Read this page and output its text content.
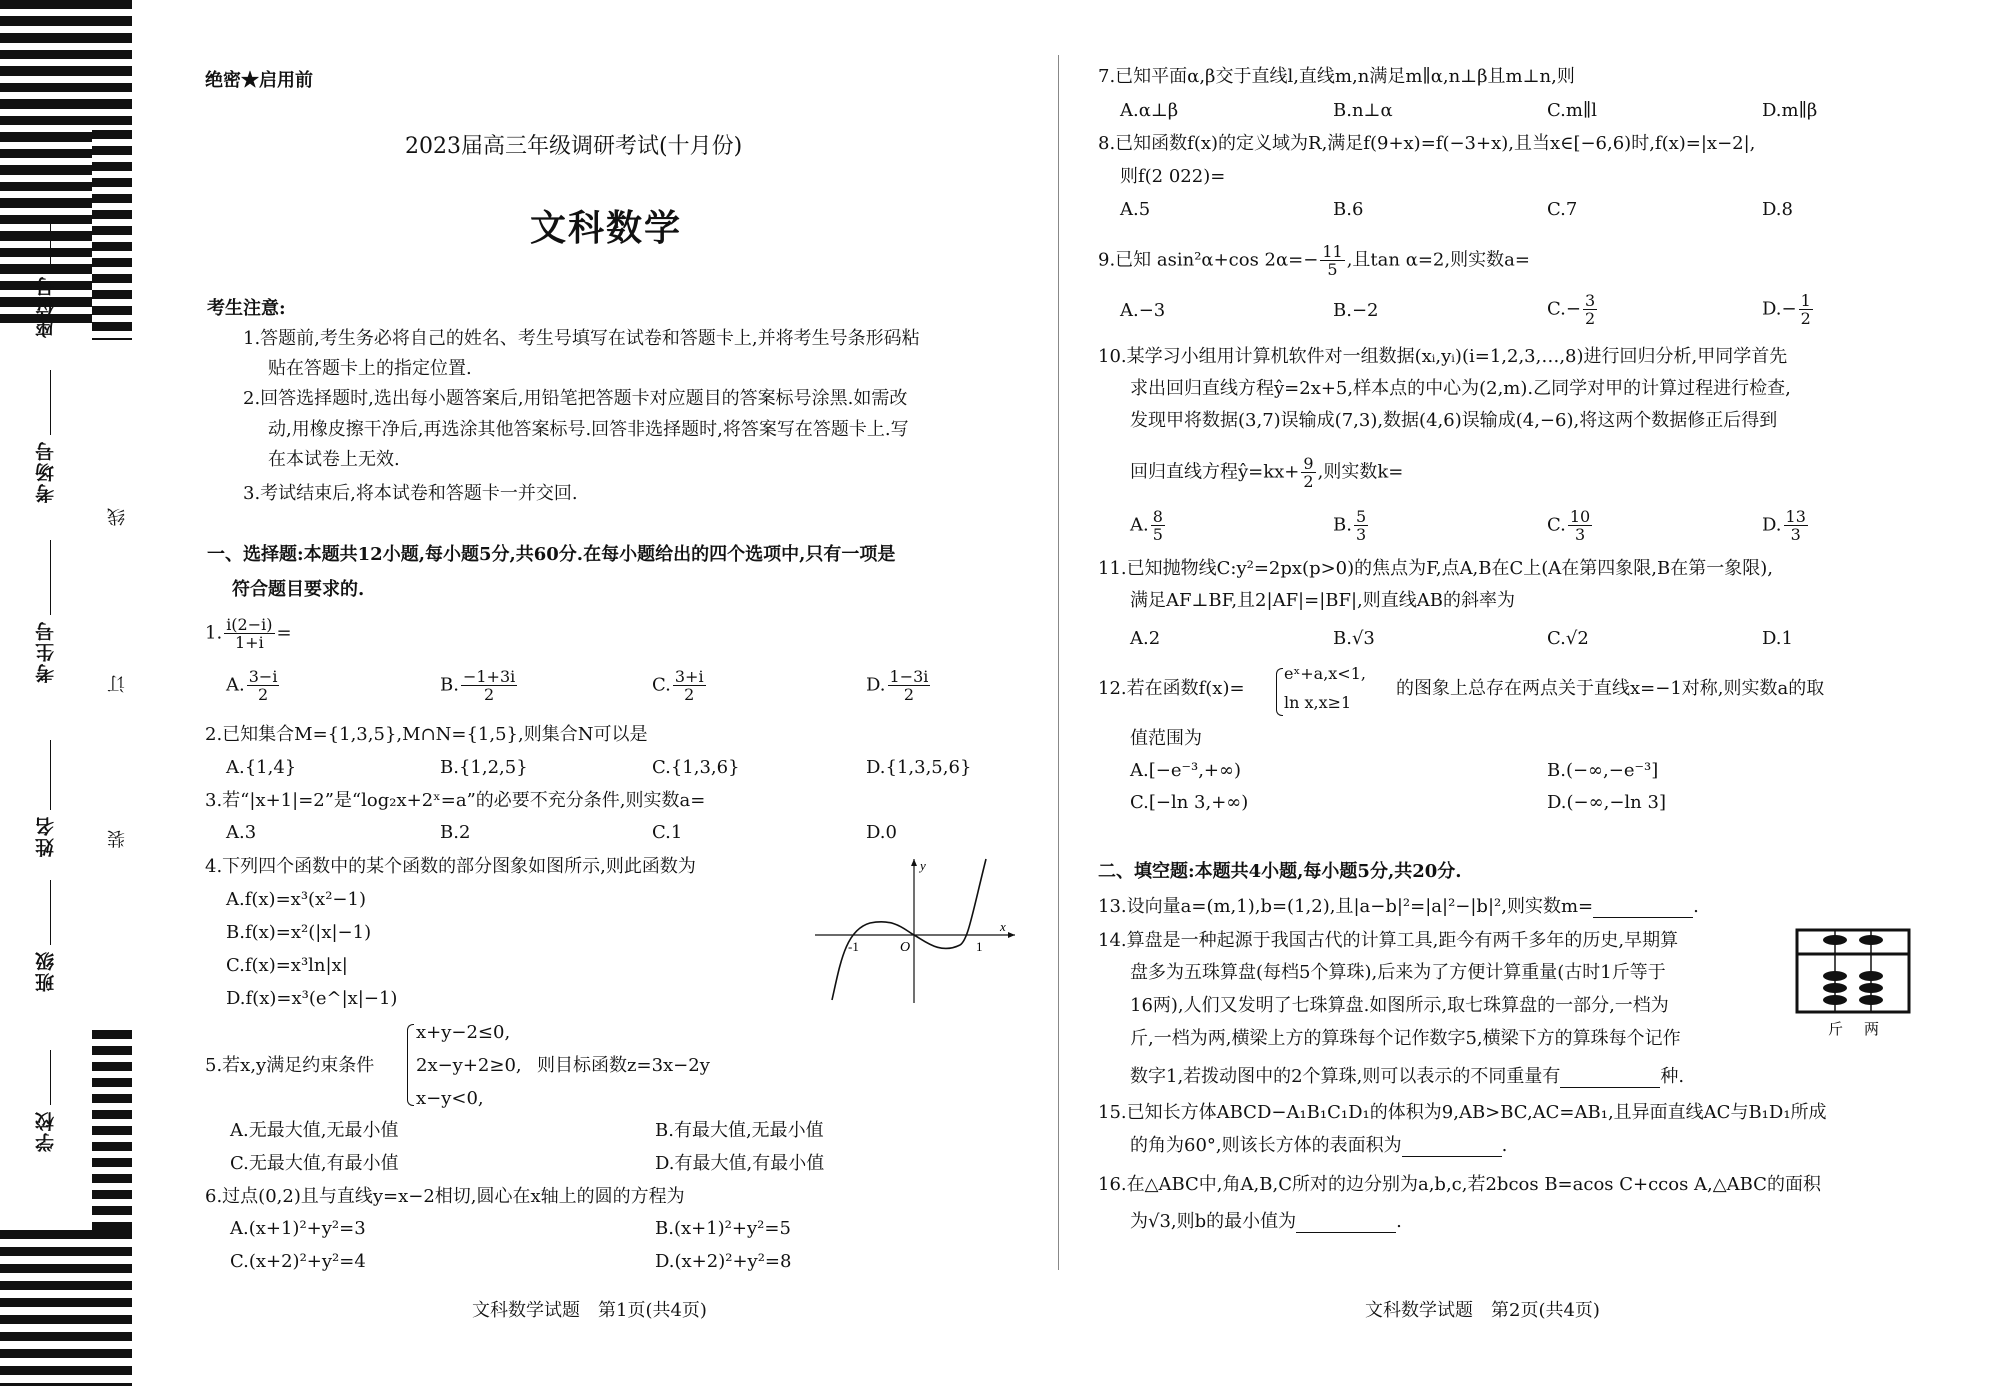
座位号
考场号
考生号
姓名
班级
学校
线
订
装
绝密★启用前
2023届高三年级调研考试(十月份)
文科数学
考生注意:
1.答题前,考生务必将自己的姓名、考生号填写在试卷和答题卡上,并将考生号条形码粘
贴在答题卡上的指定位置.
2.回答选择题时,选出每小题答案后,用铅笔把答题卡对应题目的答案标号涂黑.如需改
动,用橡皮擦干净后,再选涂其他答案标号.回答非选择题时,将答案写在答题卡上.写
在本试卷上无效.
3.考试结束后,将本试卷和答题卡一并交回.
一、选择题:本题共12小题,每小题5分,共60分.在每小题给出的四个选项中,只有一项是
符合题目要求的.
1. $\frac{i(2-i)}{1+i}$ =
A. $\frac{3-i}{2}$	B. $\frac{-1+3i}{2}$	C. $\frac{3+i}{2}$	D. $\frac{1-3i}{2}$
2.已知集合M={1,3,5},M∩N={1,5},则集合N可以是
A.{1,4}	B.{1,2,5}	C.{1,3,6}	D.{1,3,5,6}
3.若“|x+1|=2”是“log₂x+2ˣ=a”的必要不充分条件,则实数a=
A.3	B.2	C.1	D.0
4.下列四个函数中的某个函数的部分图象如图所示,则此函数为
A.f(x)=x³(x²−1)
B.f(x)=x²(|x|−1)
C.f(x)=x³ln|x|
D.f(x)=x³(e^|x|−1)
y
x
O
-1	1
5.若x,y满足约束条件
x+y−2≤0,
2x−y+2≥0,
x−y<0,
则目标函数z=3x−2y
A.无最大值,无最小值	B.有最大值,无最小值
C.无最大值,有最小值	D.有最大值,有最小值
6.过点(0,2)且与直线y=x−2相切,圆心在x轴上的圆的方程为
A.(x+1)²+y²=3	B.(x+1)²+y²=5
C.(x+2)²+y²=4	D.(x+2)²+y²=8
文科数学试题　第1页(共4页)
7.已知平面α,β交于直线l,直线m,n满足m∥α,n⊥β且m⊥n,则
A.α⊥β	B.n⊥α	C.m∥l	D.m∥β
8.已知函数f(x)的定义域为R,满足f(9+x)=f(−3+x),且当x∈[−6,6)时,f(x)=|x−2|,
则f(2 022)=
A.5	B.6	C.7	D.8
9.已知 asin²α+cos $2\alpha=- \frac{11}{5}$ ,且tan α=2,则实数a=
A.−3	B.−2	$C.- \frac{3}{2}$	$D.- \frac{1}{2}$
10.某学习小组用计算机软件对一组数据(xᵢ,yᵢ)(i=1,2,3,…,8)进行回归分析,甲同学首先
求出回归直线方程ŷ=2x+5,样本点的中心为(2,m).乙同学对甲的计算过程进行检查,
发现甲将数据(3,7)误输成(7,3),数据(4,6)误输成(4,−6),将这两个数据修正后得到
回归直线方程ŷ=kx+ $\frac{9}{2}$ ,则实数k=
A. $\frac{8}{5}$	B. $\frac{5}{3}$	C. $\frac{10}{3}$	D. $\frac{13}{3}$
11.已知抛物线C:y²=2px(p>0)的焦点为F,点A,B在C上(A在第四象限,B在第一象限),
满足AF⊥BF,且2|AF|=|BF|,则直线AB的斜率为
A.2	B.√3	C.√2	D.1
12.若在函数f(x)=
eˣ+a,x<1,
ln x,x≥1
的图象上总存在两点关于直线x=−1对称,则实数a的取
值范围为
A.[−e⁻³,+∞)	B.(−∞,−e⁻³]
C.[−ln 3,+∞)	D.(−∞,−ln 3]
二、填空题:本题共4小题,每小题5分,共20分.
13.设向量a=(m,1),b=(1,2),且|a−b|²=|a|²−|b|²,则实数m=	.
14.算盘是一种起源于我国古代的计算工具,距今有两千多年的历史,早期算
盘多为五珠算盘(每档5个算珠),后来为了方便计算重量(古时1斤等于
16两),人们又发明了七珠算盘.如图所示,取七珠算盘的一部分,一档为
斤,一档为两,横梁上方的算珠每个记作数字5,横梁下方的算珠每个记作
数字1,若拨动图中的2个算珠,则可以表示的不同重量有	种.
斤 两
15.已知长方体ABCD−A₁B₁C₁D₁的体积为9,AB>BC,AC=AB₁,且异面直线AC与B₁D₁所成
的角为60°,则该长方体的表面积为	.
16.在△ABC中,角A,B,C所对的边分别为a,b,c,若2bcos B=acos C+ccos A,△ABC的面积
为√3,则b的最小值为	.
文科数学试题　第2页(共4页)
